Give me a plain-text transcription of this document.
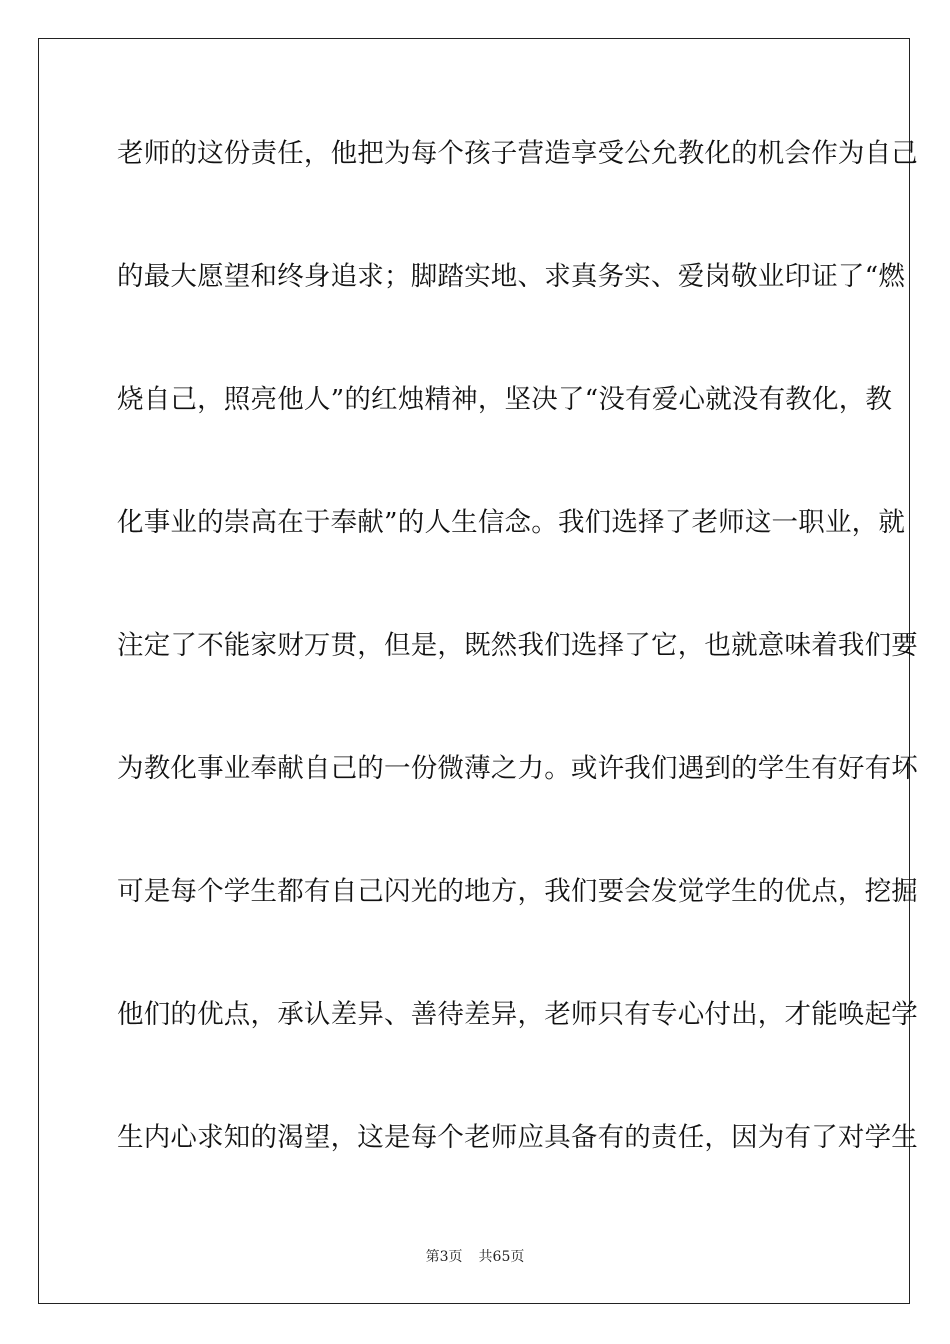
老师的这份责任，他把为每个孩子营造享受公允教化的机会作为自己
的最大愿望和终身追求；脚踏实地、求真务实、爱岗敬业印证了“燃
烧自己，照亮他人”的红烛精神，坚决了“没有爱心就没有教化，教
化事业的崇高在于奉献”的人生信念。我们选择了老师这一职业，就
注定了不能家财万贯，但是，既然我们选择了它，也就意味着我们要
为教化事业奉献自己的一份微薄之力。或许我们遇到的学生有好有坏
可是每个学生都有自己闪光的地方，我们要会发觉学生的优点，挖掘
他们的优点，承认差异、善待差异，老师只有专心付出，才能唤起学
生内心求知的渴望，这是每个老师应具备有的责任，因为有了对学生
第3页 共65页
